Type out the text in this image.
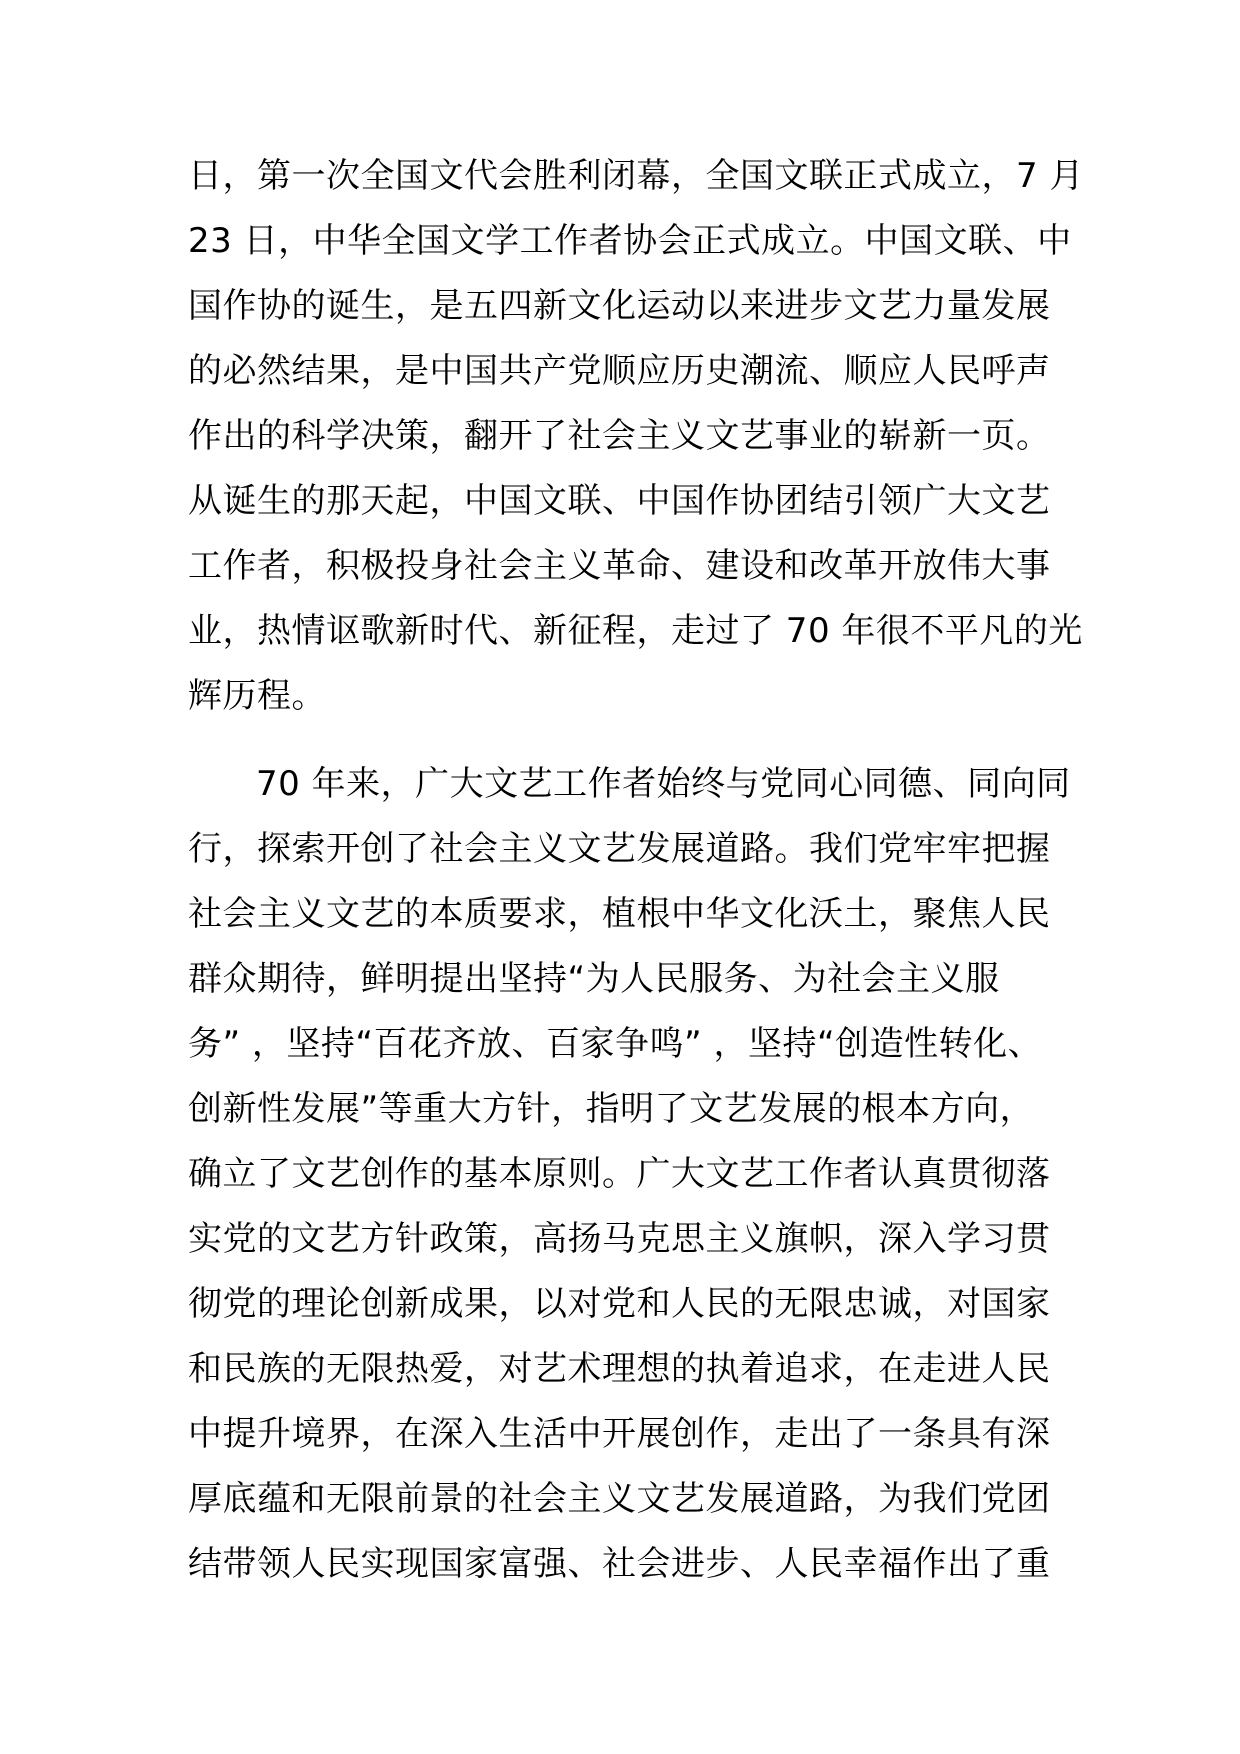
日，第一次全国文代会胜利闭幕，全国文联正式成立，7 月
23 日，中华全国文学工作者协会正式成立。中国文联、中
国作协的诞生，是五四新文化运动以来进步文艺力量发展
的必然结果，是中国共产党顺应历史潮流、顺应人民呼声
作出的科学决策，翻开了社会主义文艺事业的崭新一页。
从诞生的那天起，中国文联、中国作协团结引领广大文艺
工作者，积极投身社会主义革命、建设和改革开放伟大事
业，热情讴歌新时代、新征程，走过了 70 年很不平凡的光
辉历程。
70 年来，广大文艺工作者始终与党同心同德、同向同
行，探索开创了社会主义文艺发展道路。我们党牢牢把握
社会主义文艺的本质要求，植根中华文化沃土，聚焦人民
群众期待，鲜明提出坚持“为人民服务、为社会主义服
务” ，坚持“百花齐放、百家争鸣” ，坚持“创造性转化、
创新性发展”等重大方针，指明了文艺发展的根本方向，
确立了文艺创作的基本原则。广大文艺工作者认真贯彻落
实党的文艺方针政策，高扬马克思主义旗帜，深入学习贯
彻党的理论创新成果，以对党和人民的无限忠诚，对国家
和民族的无限热爱，对艺术理想的执着追求，在走进人民
中提升境界，在深入生活中开展创作，走出了一条具有深
厚底蕴和无限前景的社会主义文艺发展道路，为我们党团
结带领人民实现国家富强、社会进步、人民幸福作出了重
